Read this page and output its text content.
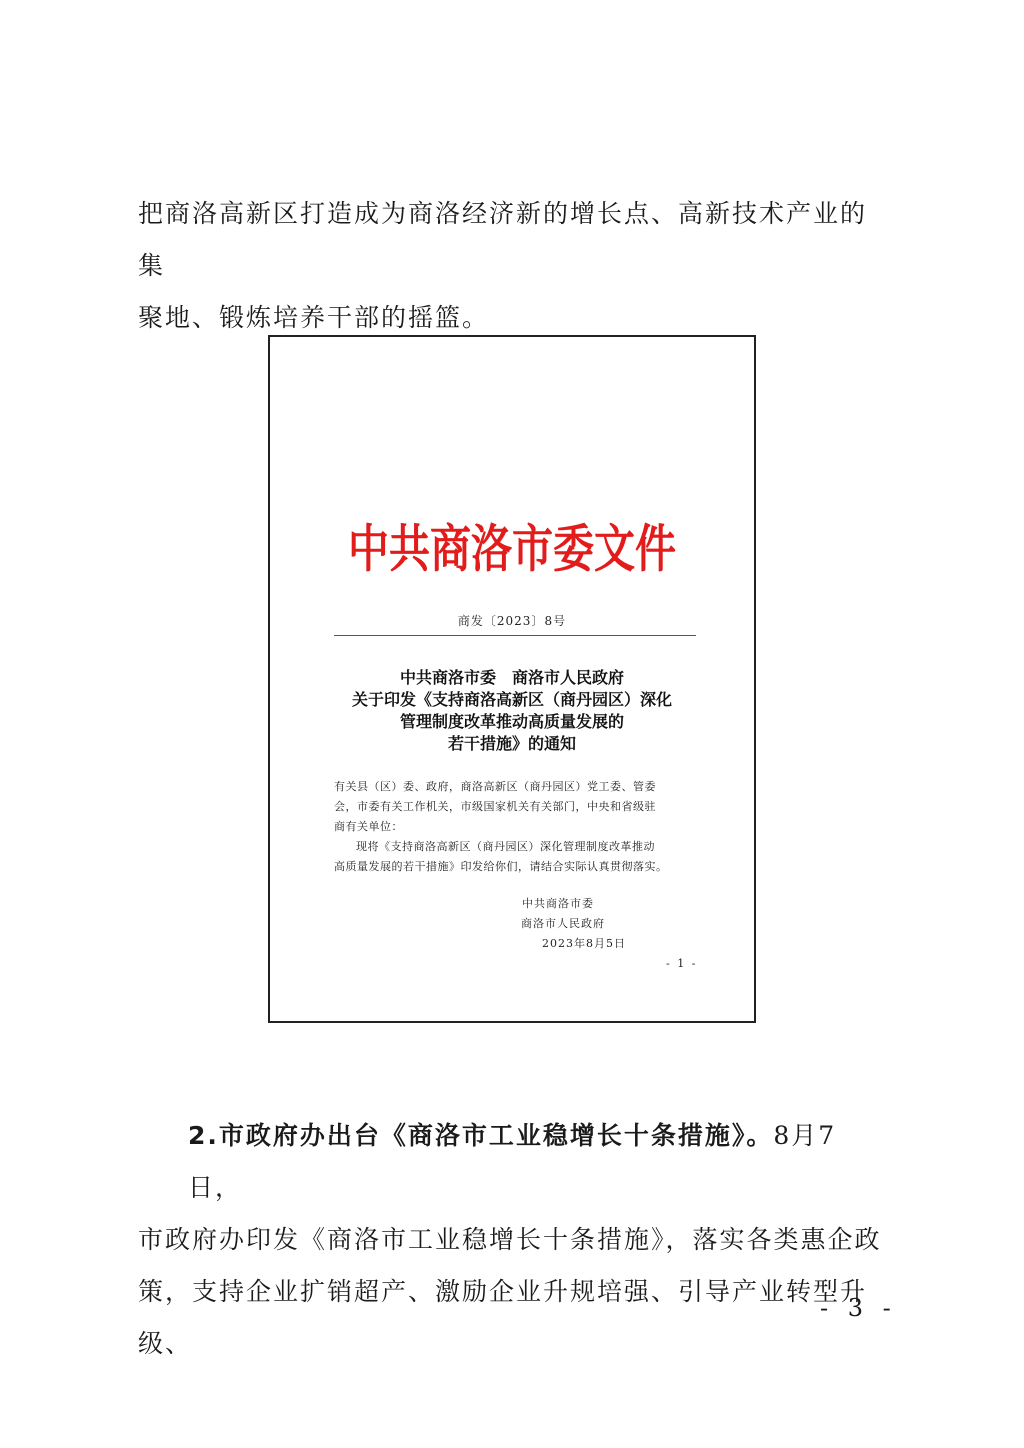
把商洛高新区打造成为商洛经济新的增长点、高新技术产业的集
聚地、锻炼培养干部的摇篮。
中共商洛市委文件
商发〔2023〕8号
中共商洛市委　商洛市人民政府
关于印发《支持商洛高新区（商丹园区）深化
管理制度改革推动高质量发展的
若干措施》的通知

有关县（区）委、政府，商洛高新区（商丹园区）党工委、管委

会，市委有关工作机关，市级国家机关有关部门，中央和省级驻

商有关单位：

现将《支持商洛高新区（商丹园区）深化管理制度改革推动

高质量发展的若干措施》印发给你们，请结合实际认真贯彻落实。

中共商洛市委
商洛市人民政府
2023年8月5日
- 1 -
2.市政府办出台《商洛市工业稳增长十条措施》。8月7日，
市政府办印发《商洛市工业稳增长十条措施》，落实各类惠企政
策，支持企业扩销超产、激励企业升规培强、引导产业转型升级、
- 3 -
